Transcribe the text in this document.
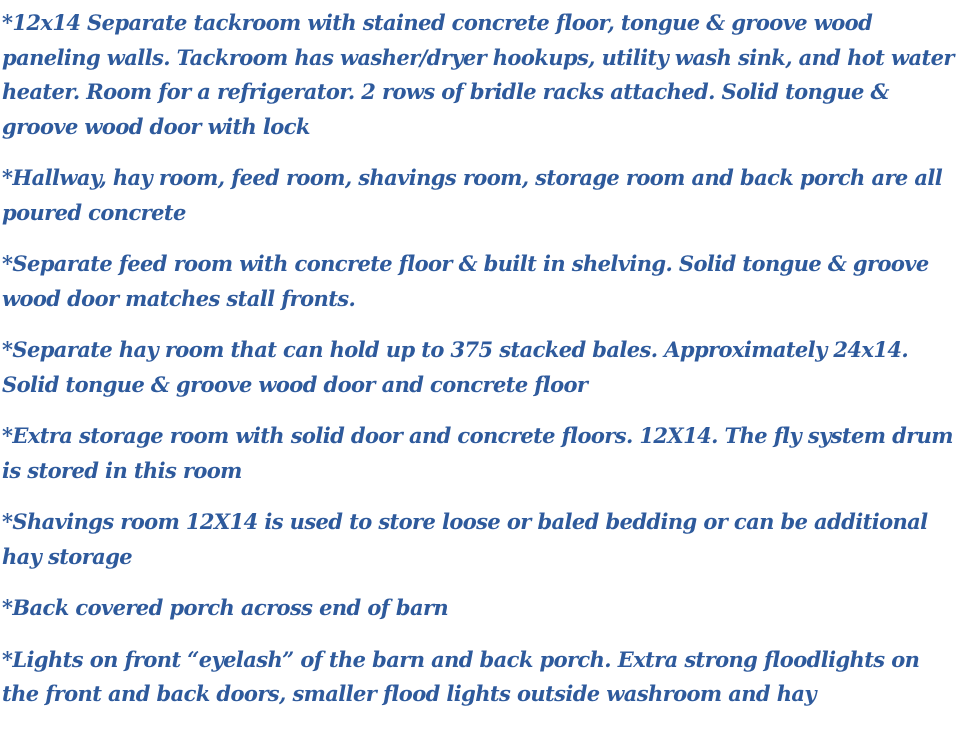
*12x14 Separate tackroom with stained concrete floor, tongue & groove wood paneling walls. Tackroom has washer/dryer hookups, utility wash sink, and hot water heater. Room for a refrigerator. 2 rows of bridle racks attached. Solid tongue & groove wood door with lock

*Hallway, hay room, feed room, shavings room, storage room and back porch are all poured concrete

*Separate feed room with concrete floor & built in shelving. Solid tongue & groove wood door matches stall fronts.

*Separate hay room that can hold up to 375 stacked bales. Approximately 24x14. Solid tongue & groove wood door and concrete floor

*Extra storage room with solid door and concrete floors. 12X14. The fly system drum is stored in this room

*Shavings room 12X14 is used to store loose or baled bedding or can be additional hay storage

*Back covered porch across end of barn

*Lights on front “eyelash” of the barn and back porch. Extra strong floodlights on the front and back doors, smaller flood lights outside washroom and hay
